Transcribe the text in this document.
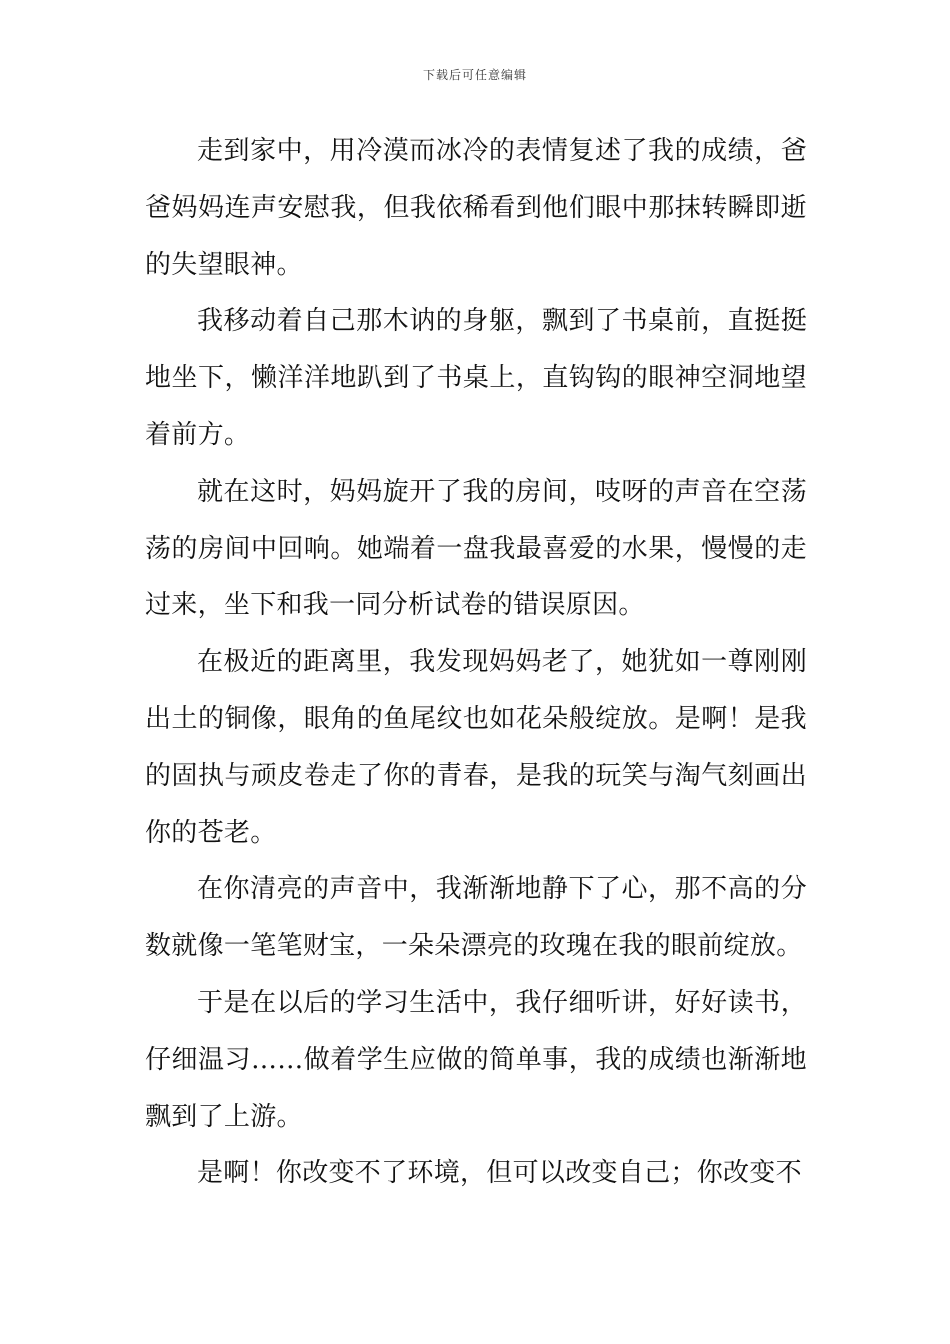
下载后可任意编辑

走到家中，用冷漠而冰冷的表情复述了我的成绩，爸爸妈妈连声安慰我，但我依稀看到他们眼中那抹转瞬即逝的失望眼神。

我移动着自己那木讷的身躯，飘到了书桌前，直挺挺地坐下，懒洋洋地趴到了书桌上，直钩钩的眼神空洞地望着前方。

就在这时，妈妈旋开了我的房间，吱呀的声音在空荡荡的房间中回响。她端着一盘我最喜爱的水果，慢慢的走过来，坐下和我一同分析试卷的错误原因。

在极近的距离里，我发现妈妈老了，她犹如一尊刚刚出土的铜像，眼角的鱼尾纹也如花朵般绽放。是啊！是我的固执与顽皮卷走了你的青春，是我的玩笑与淘气刻画出你的苍老。

在你清亮的声音中，我渐渐地静下了心，那不高的分数就像一笔笔财宝，一朵朵漂亮的玫瑰在我的眼前绽放。

于是在以后的学习生活中，我仔细听讲，好好读书，仔细温习……做着学生应做的简单事，我的成绩也渐渐地飘到了上游。

是啊！你改变不了环境，但可以改变自己；你改变不
